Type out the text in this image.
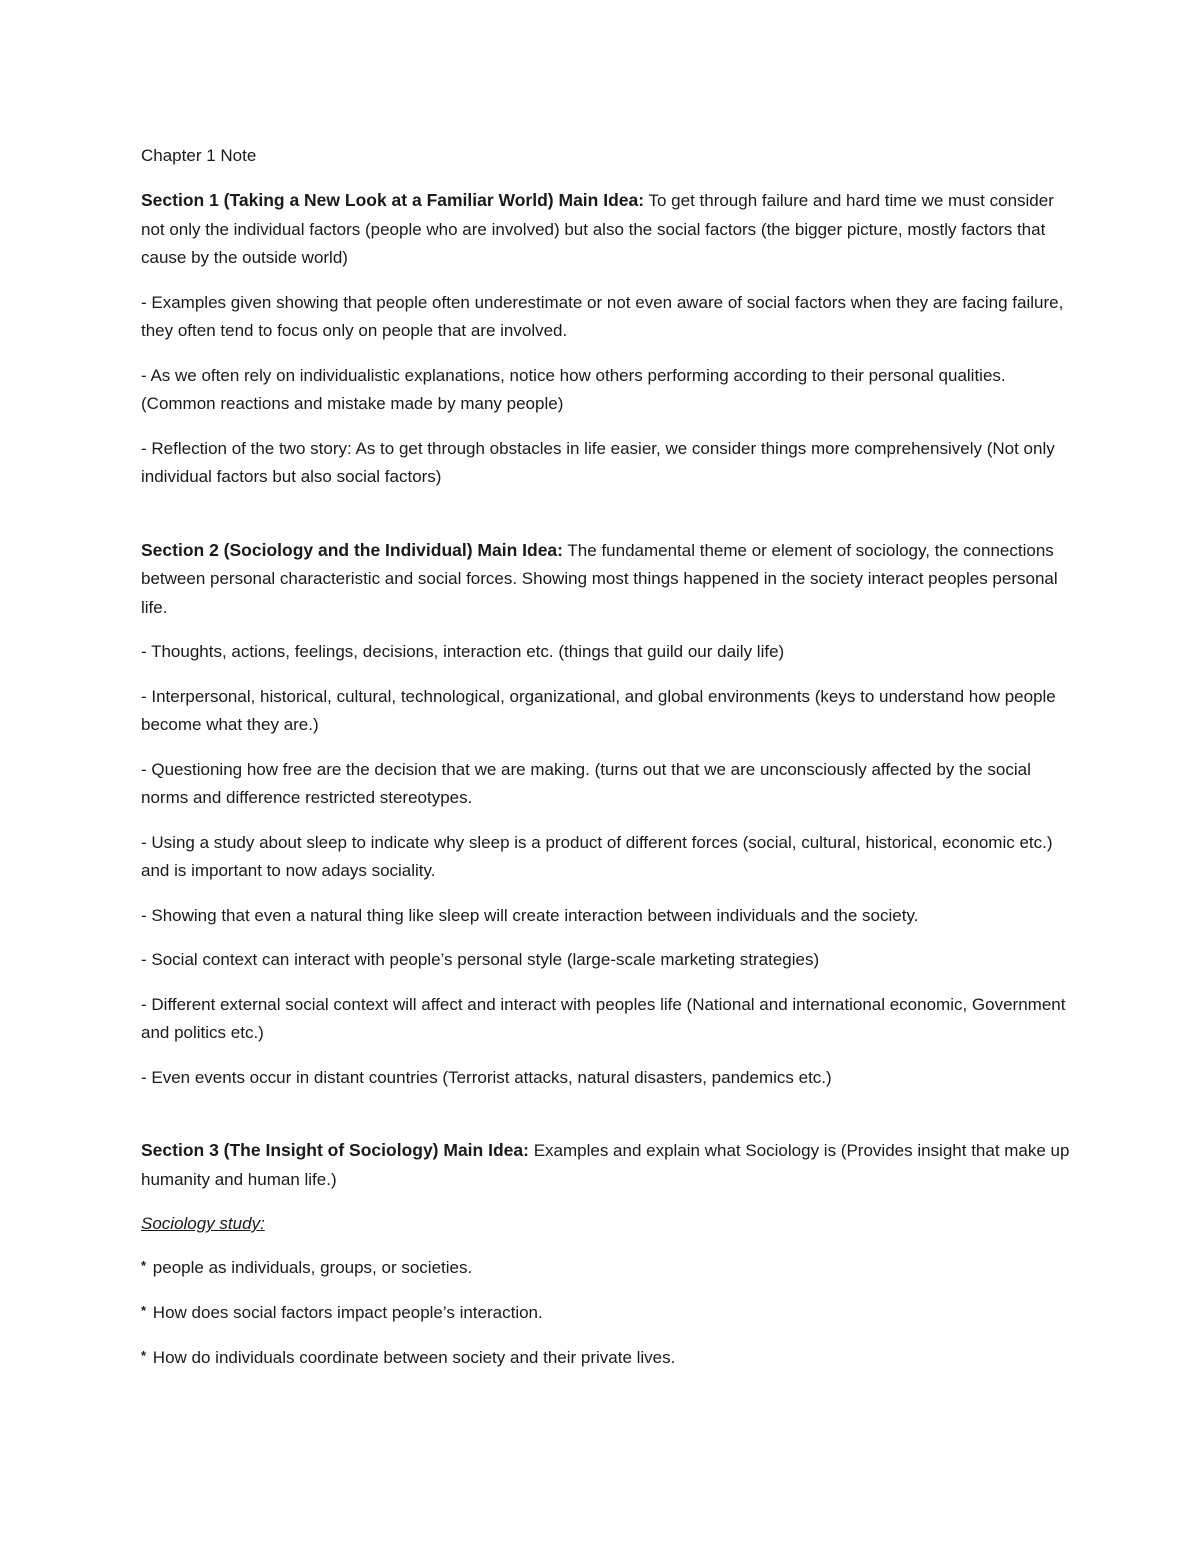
Chapter 1 Note

Section 1 (Taking a New Look at a Familiar World) Main Idea: To get through failure and hard time we must consider not only the individual factors (people who are involved) but also the social factors (the bigger picture, mostly factors that cause by the outside world)

- Examples given showing that people often underestimate or not even aware of social factors when they are facing failure, they often tend to focus only on people that are involved.

- As we often rely on individualistic explanations, notice how others performing according to their personal qualities. (Common reactions and mistake made by many people)

- Reflection of the two story: As to get through obstacles in life easier, we consider things more comprehensively (Not only individual factors but also social factors)

Section 2 (Sociology and the Individual) Main Idea: The fundamental theme or element of sociology, the connections between personal characteristic and social forces. Showing most things happened in the society interact peoples personal life.

- Thoughts, actions, feelings, decisions, interaction etc. (things that guild our daily life)

- Interpersonal, historical, cultural, technological, organizational, and global environments (keys to understand how people become what they are.)

- Questioning how free are the decision that we are making. (turns out that we are unconsciously affected by the social norms and difference restricted stereotypes.

- Using a study about sleep to indicate why sleep is a product of different forces (social, cultural, historical, economic etc.) and is important to now adays sociality.

- Showing that even a natural thing like sleep will create interaction between individuals and the society.

- Social context can interact with people’s personal style (large-scale marketing strategies)

- Different external social context will affect and interact with peoples life (National and international economic, Government and politics etc.)

- Even events occur in distant countries (Terrorist attacks, natural disasters, pandemics etc.)

Section 3 (The Insight of Sociology) Main Idea: Examples and explain what Sociology is (Provides insight that make up humanity and human life.)

Sociology study:

* people as individuals, groups, or societies.

* How does social factors impact people’s interaction.

* How do individuals coordinate between society and their private lives.
